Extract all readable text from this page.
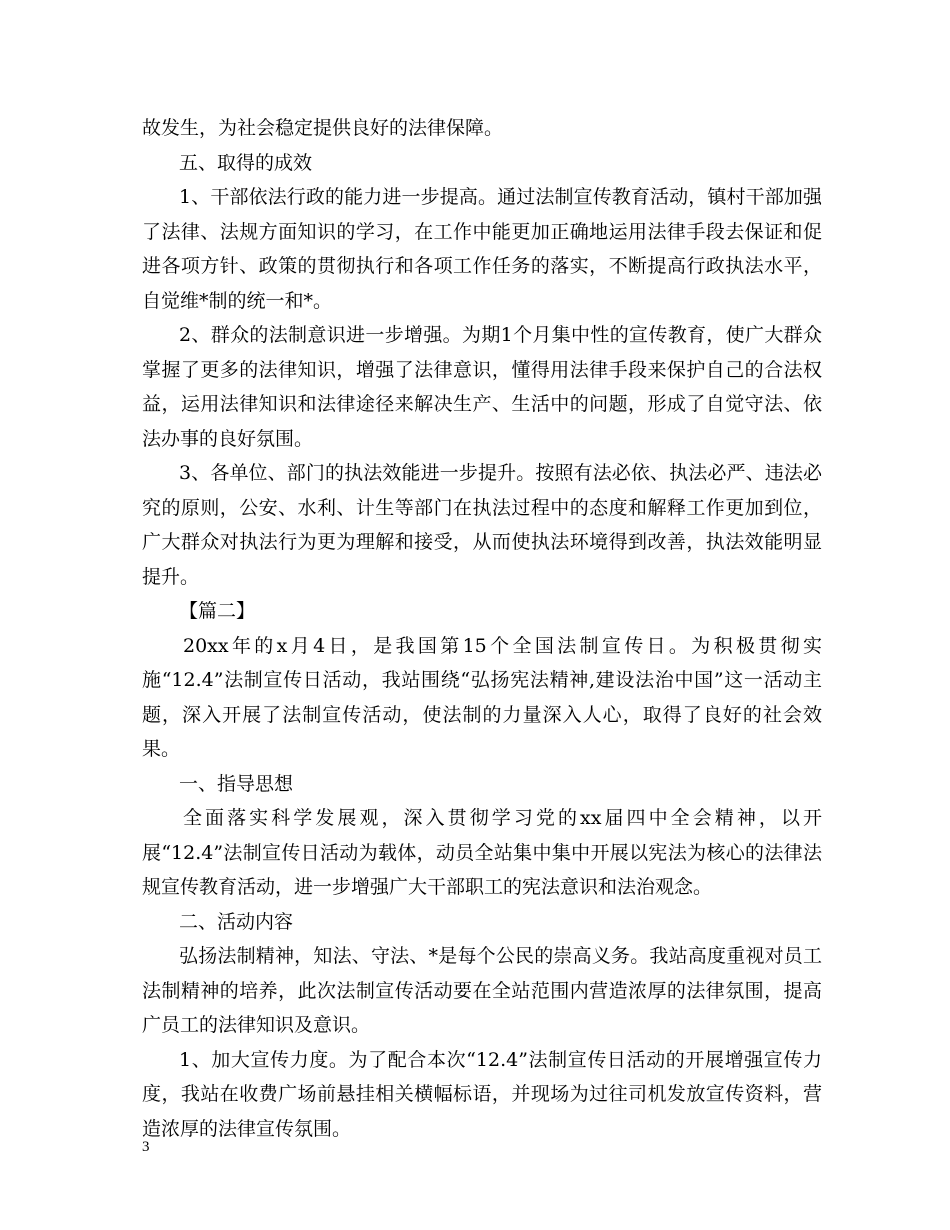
故发生，为社会稳定提供良好的法律保障。

五、取得的成效

1、干部依法行政的能力进一步提高。通过法制宣传教育活动，镇村干部加强了法律、法规方面知识的学习，在工作中能更加正确地运用法律手段去保证和促进各项方针、政策的贯彻执行和各项工作任务的落实，不断提高行政执法水平，自觉维*制的统一和*。

2、群众的法制意识进一步增强。为期1个月集中性的宣传教育，使广大群众掌握了更多的法律知识，增强了法律意识，懂得用法律手段来保护自己的合法权益，运用法律知识和法律途径来解决生产、生活中的问题，形成了自觉守法、依法办事的良好氛围。

3、各单位、部门的执法效能进一步提升。按照有法必依、执法必严、违法必究的原则，公安、水利、计生等部门在执法过程中的态度和解释工作更加到位，广大群众对执法行为更为理解和接受，从而使执法环境得到改善，执法效能明显提升。

【篇二】

20xx年的x月4日，是我国第15个全国法制宣传日。为积极贯彻实施“12.4”法制宣传日活动，我站围绕“弘扬宪法精神,建设法治中国”这一活动主题，深入开展了法制宣传活动，使法制的力量深入人心，取得了良好的社会效果。

一、指导思想

全面落实科学发展观，深入贯彻学习党的xx届四中全会精神，以开展“12.4”法制宣传日活动为载体，动员全站集中集中开展以宪法为核心的法律法规宣传教育活动，进一步增强广大干部职工的宪法意识和法治观念。

二、活动内容

弘扬法制精神，知法、守法、*是每个公民的崇高义务。我站高度重视对员工法制精神的培养，此次法制宣传活动要在全站范围内营造浓厚的法律氛围，提高广员工的法律知识及意识。

1、加大宣传力度。为了配合本次“12.4”法制宣传日活动的开展增强宣传力度，我站在收费广场前悬挂相关横幅标语，并现场为过往司机发放宣传资料，营造浓厚的法律宣传氛围。

3
